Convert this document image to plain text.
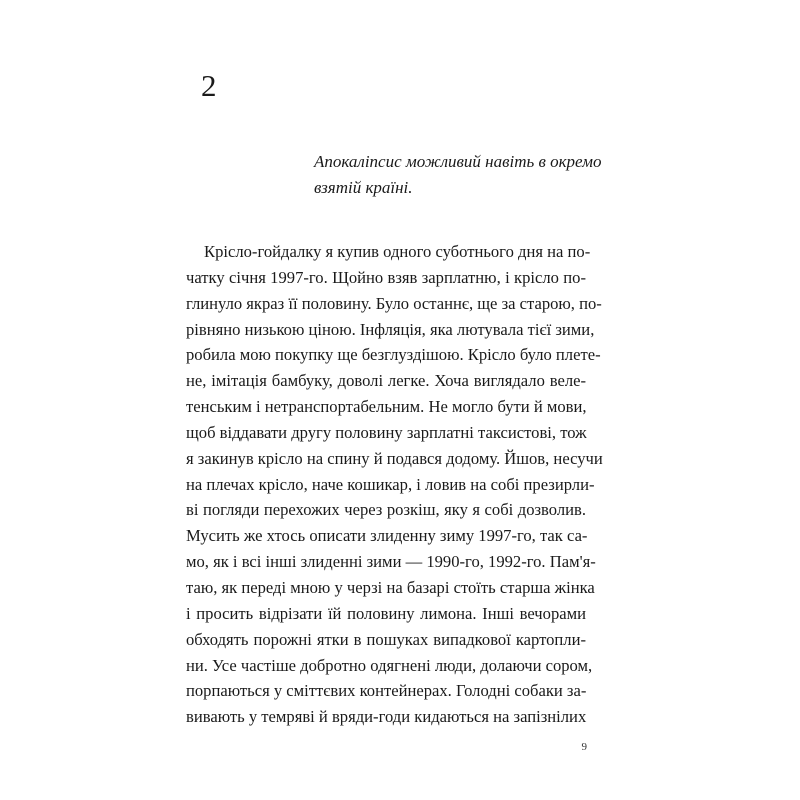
2
Апокаліпсис можливий навіть в окремо
взятій країні.
Крісло-гойдалку я купив одного суботнього дня на по-
чатку січня 1997-го. Щойно взяв зарплатню, і крісло по-
глинуло якраз її половину. Було останнє, ще за старою, по-
рівняно низькою ціною. Інфляція, яка лютувала тієї зими,
робила мою покупку ще безглуздішою. Крісло було плете-
не, імітація бамбуку, доволі легке. Хоча виглядало веле-
тенським і нетранспортабельним. Не могло бути й мови,
щоб віддавати другу половину зарплатні таксистові, тож
я закинув крісло на спину й подався додому. Йшов, несучи
на плечах крісло, наче кошикар, і ловив на собі презирли-
ві погляди перехожих через розкіш, яку я собі дозволив.
Мусить же хтось описати злиденну зиму 1997-го, так са-
мо, як і всі інші злиденні зими — 1990-го, 1992-го. Пам'я-
таю, як переді мною у черзі на базарі стоїть старша жінка
і просить відрізати їй половину лимона. Інші вечорами
обходять порожні ятки в пошуках випадкової картопли-
ни. Усе частіше добротно одягнені люди, долаючи сором,
порпаються у сміттєвих контейнерах. Голодні собаки за-
вивають у темряві й вряди-годи кидаються на запізнілих
9
